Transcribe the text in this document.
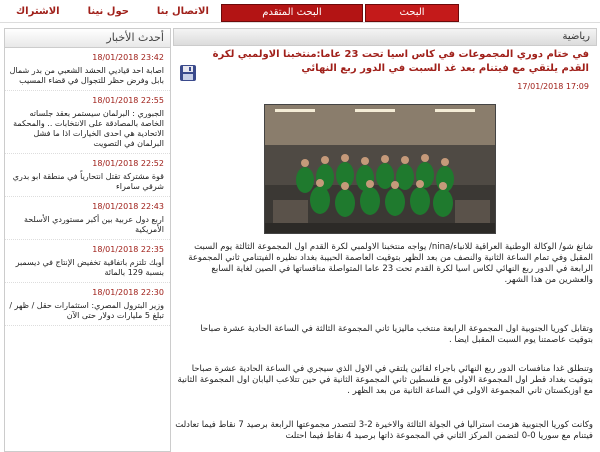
الاشتراك	حول نينا	الاتصال بنا	البحث المتقدم	البحث
أحدث الأخبار
18/01/2018 23:42
اصابة احد قياديي الحشد الشعبي من بدر شمال بابل وفرض حظر للتجوال في قضاء المسيب
18/01/2018 22:55
الجبوري : البرلمان سيستمر بعقد جلساته الخاصة بالمصادقة على الانتخابات .. والمحكمة الاتحادية هي احدى الخيارات اذا ما فشل البرلمان في التصويت
18/01/2018 22:52
قوة مشتركة تقتل انتحارياً في منطقة ابو بدري شرقي سامراء
18/01/2018 22:43
اربع دول عربية بين أكبر مستوردي الأسلحة الأمريكية
18/01/2018 22:35
أوبك تلتزم باتفاقية تخفيض الإنتاج في ديسمبر بنسبة 129 بالمائة
18/01/2018 22:30
وزير البترول المصري: استثمارات حقل / ظهر / تبلغ 5 مليارات دولار حتى الآن
رياضية
في ختام دوري المجموعات في كاس اسيا تحت 23 عاما:منتخبنا الاولمبي لكرة القدم يلتقي مع فيتنام بعد غد السبت في الدور ربع النهائي
17/01/2018 17:09
شانغ شو/ الوكالة الوطنية العراقية للانباء/nina/ يواجه منتخبنا الاولمبي لكرة القدم اول المجموعة الثالثة يوم السبت المقبل وفي تمام الساعة الثانية والنصف من بعد الظهر بتوقيت العاصمة الحبيبة بغداد نظيره الفيتنامي ثاني المجموعة الرابعة في الدور ربع النهائي لكاس اسيا لكرة القدم تحت 23 عاما المتواصلة منافساتها في الصين لغاية السابع والعشرين من هذا الشهر.
وتقابل كوريا الجنوبية اول المجموعة الرابعة منتخب ماليزيا ثاني المجموعة الثالثة في الساعة الحادية عشرة صباحا بتوقيت عاصمتنا يوم السبت المقبل ايضا .
وتنطلق غدا منافسات الدور ربع النهائي باجراء لقائين يلتقي في الاول الذي سيجري في الساعة الحادية عشرة صباحا بتوقيت بغداد قطر اول المجموعة الاولى مع فلسطين ثاني المجموعة الثانية في حين تتلاعب اليابان اول المجموعة الثانية مع اوزبكستان ثاني المجموعة الاولى في الساعة الثانية من بعد الظهر .
وكانت كوريا الجنوبية هزمت استراليا في الجولة الثالثة والاخيرة 2-3 لتتصدر مجموعتها الرابعة برصيد 7 نقاط فيما تعادلت فيتنام مع سوريا 0-0 لتضمن المركز الثاني في المجموعة ذاتها برصيد 4 نقاط فيما احتلت
